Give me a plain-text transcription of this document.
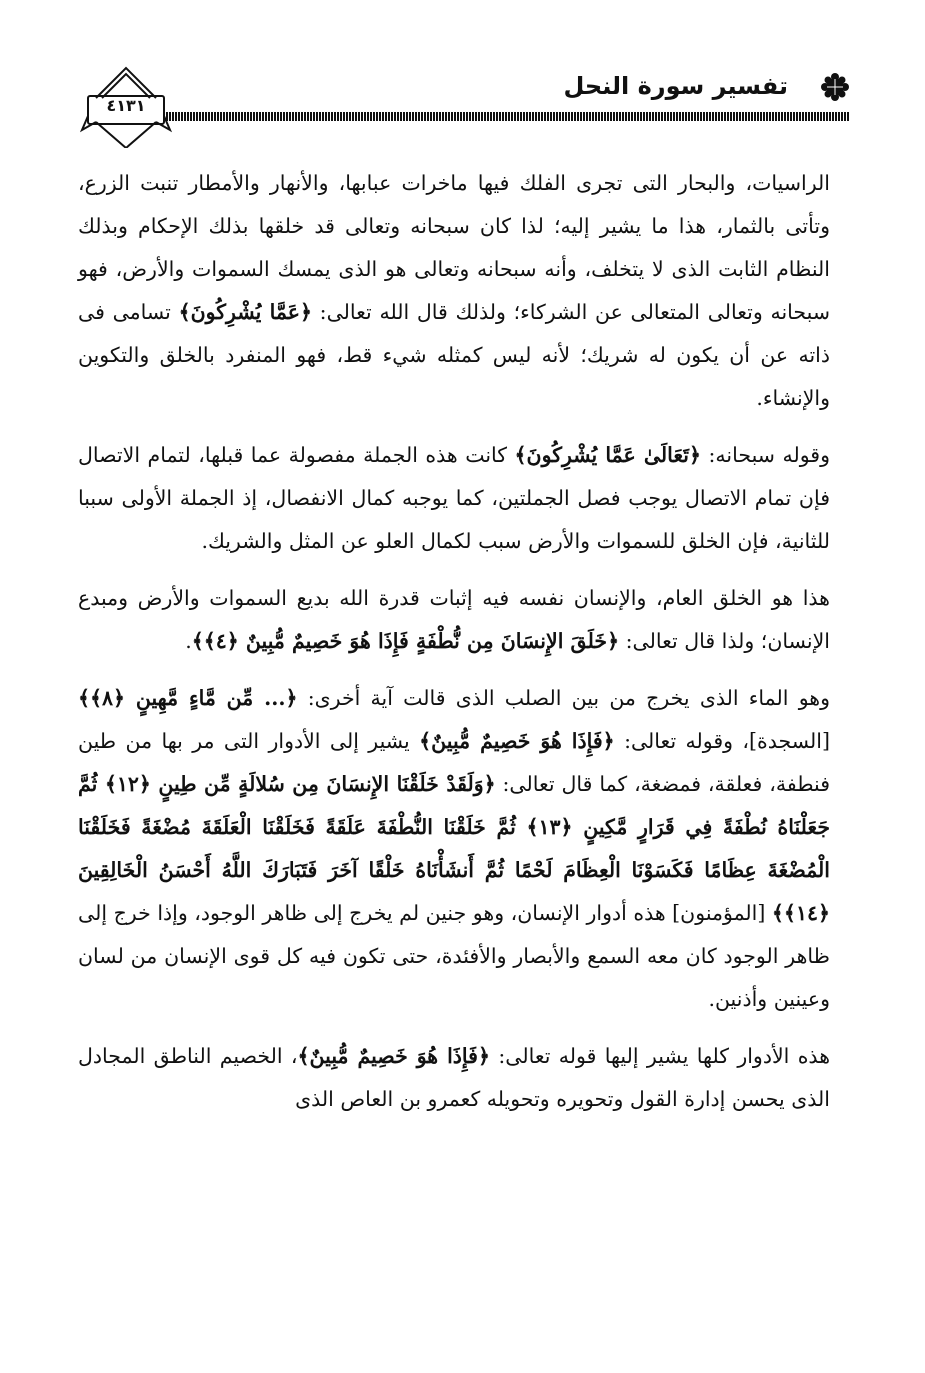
تفسير سورة النحل
٤١٣١

الراسيات، والبحار التى تجرى الفلك فيها ماخرات عبابها، والأنهار والأمطار تنبت الزرع، وتأتى بالثمار، هذا ما يشير إليه؛ لذا كان سبحانه وتعالى قد خلقها بذلك الإحكام وبذلك النظام الثابت الذى لا يتخلف، وأنه سبحانه وتعالى هو الذى يمسك السموات والأرض، فهو سبحانه وتعالى المتعالى عن الشركاء؛ ولذلك قال الله تعالى: ﴿عَمَّا يُشْرِكُونَ﴾ تسامى فى ذاته عن أن يكون له شريك؛ لأنه ليس كمثله شيء قط، فهو المنفرد بالخلق والتكوين والإنشاء.

وقوله سبحانه: ﴿تَعَالَىٰ عَمَّا يُشْرِكُونَ﴾ كانت هذه الجملة مفصولة عما قبلها، لتمام الاتصال فإن تمام الاتصال يوجب فصل الجملتين، كما يوجبه كمال الانفصال، إذ الجملة الأولى سببا للثانية، فإن الخلق للسموات والأرض سبب لكمال العلو عن المثل والشريك.

هذا هو الخلق العام، والإنسان نفسه فيه إثبات قدرة الله بديع السموات والأرض ومبدع الإنسان؛ ولذا قال تعالى: ﴿خَلَقَ الإِنسَانَ مِن نُّطْفَةٍ فَإِذَا هُوَ خَصِيمٌ مُّبِينٌ ﴿٤﴾﴾.

وهو الماء الذى يخرج من بين الصلب الذى قالت آية أخرى: ﴿... مِّن مَّاءٍ مَّهِينٍ ﴿٨﴾﴾ [السجدة]، وقوله تعالى: ﴿فَإِذَا هُوَ خَصِيمٌ مُّبِينٌ﴾ يشير إلى الأدوار التى مر بها من طين فنطفة، فعلقة، فمضغة، كما قال تعالى: ﴿وَلَقَدْ خَلَقْنَا الإِنسَانَ مِن سُلالَةٍ مِّن طِينٍ ﴿١٢﴾ ثُمَّ جَعَلْنَاهُ نُطْفَةً فِي قَرَارٍ مَّكِينٍ ﴿١٣﴾ ثُمَّ خَلَقْنَا النُّطْفَةَ عَلَقَةً فَخَلَقْنَا الْعَلَقَةَ مُضْغَةً فَخَلَقْنَا الْمُضْغَةَ عِظَامًا فَكَسَوْنَا الْعِظَامَ لَحْمًا ثُمَّ أَنشَأْنَاهُ خَلْقًا آخَرَ فَتَبَارَكَ اللَّهُ أَحْسَنُ الْخَالِقِينَ ﴿١٤﴾﴾ [المؤمنون] هذه أدوار الإنسان، وهو جنين لم يخرج إلى ظاهر الوجود، وإذا خرج إلى ظاهر الوجود كان معه السمع والأبصار والأفئدة، حتى تكون فيه كل قوى الإنسان من لسان وعينين وأذنين.

هذه الأدوار كلها يشير إليها قوله تعالى: ﴿فَإِذَا هُوَ خَصِيمٌ مُّبِينٌ﴾، الخصيم الناطق المجادل الذى يحسن إدارة القول وتحويره وتحويله كعمرو بن العاص الذى
